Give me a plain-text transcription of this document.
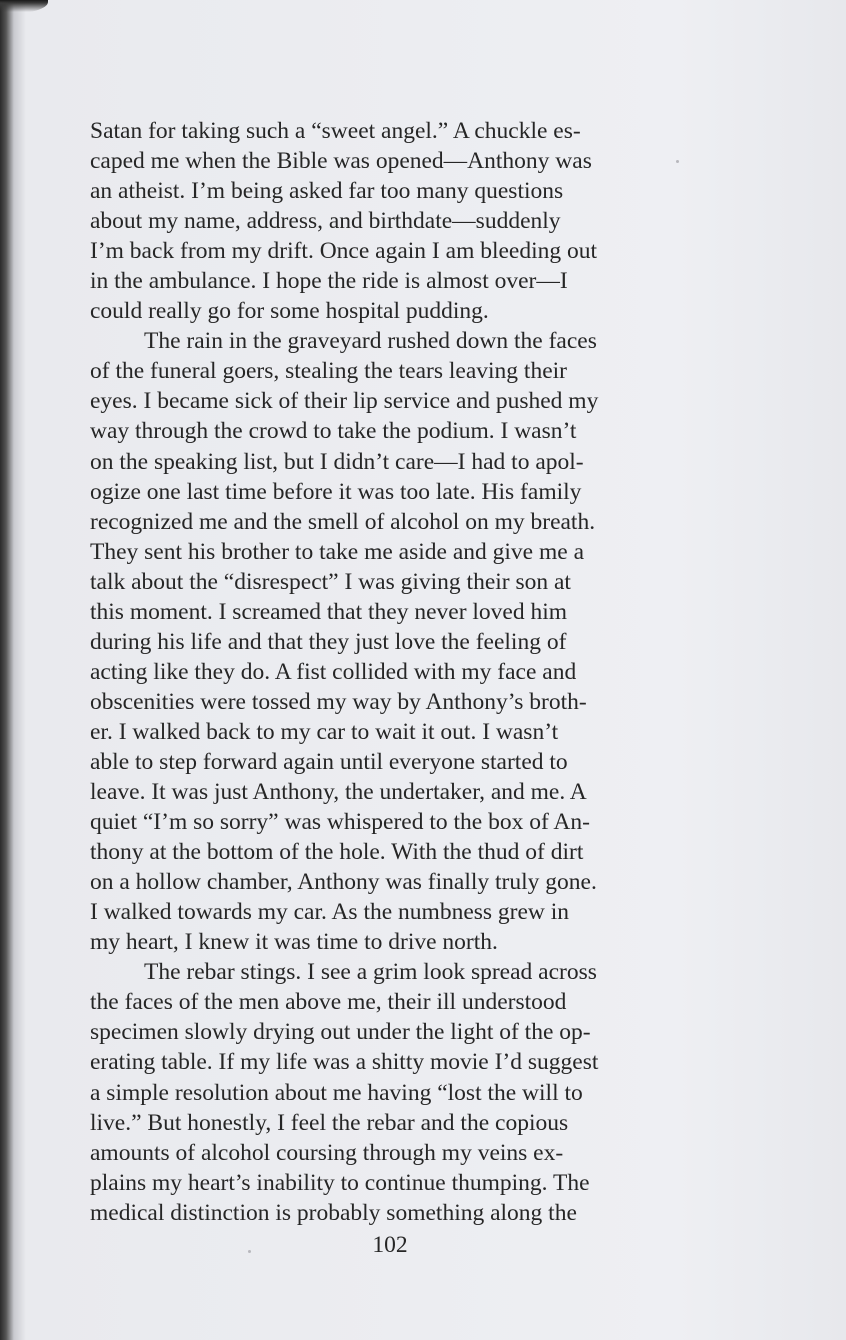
Satan for taking such a “sweet angel.” A chuckle es-
caped me when the Bible was opened—Anthony was
an atheist. I’m being asked far too many questions
about my name, address, and birthdate—suddenly
I’m back from my drift. Once again I am bleeding out
in the ambulance. I hope the ride is almost over—I
could really go for some hospital pudding.
The rain in the graveyard rushed down the faces
of the funeral goers, stealing the tears leaving their
eyes. I became sick of their lip service and pushed my
way through the crowd to take the podium. I wasn’t
on the speaking list, but I didn’t care—I had to apol-
ogize one last time before it was too late. His family
recognized me and the smell of alcohol on my breath.
They sent his brother to take me aside and give me a
talk about the “disrespect” I was giving their son at
this moment. I screamed that they never loved him
during his life and that they just love the feeling of
acting like they do. A fist collided with my face and
obscenities were tossed my way by Anthony’s broth-
er. I walked back to my car to wait it out. I wasn’t
able to step forward again until everyone started to
leave. It was just Anthony, the undertaker, and me. A
quiet “I’m so sorry” was whispered to the box of An-
thony at the bottom of the hole. With the thud of dirt
on a hollow chamber, Anthony was finally truly gone.
I walked towards my car. As the numbness grew in
my heart, I knew it was time to drive north.
The rebar stings. I see a grim look spread across
the faces of the men above me, their ill understood
specimen slowly drying out under the light of the op-
erating table. If my life was a shitty movie I’d suggest
a simple resolution about me having “lost the will to
live.” But honestly, I feel the rebar and the copious
amounts of alcohol coursing through my veins ex-
plains my heart’s inability to continue thumping. The
medical distinction is probably something along the
102
